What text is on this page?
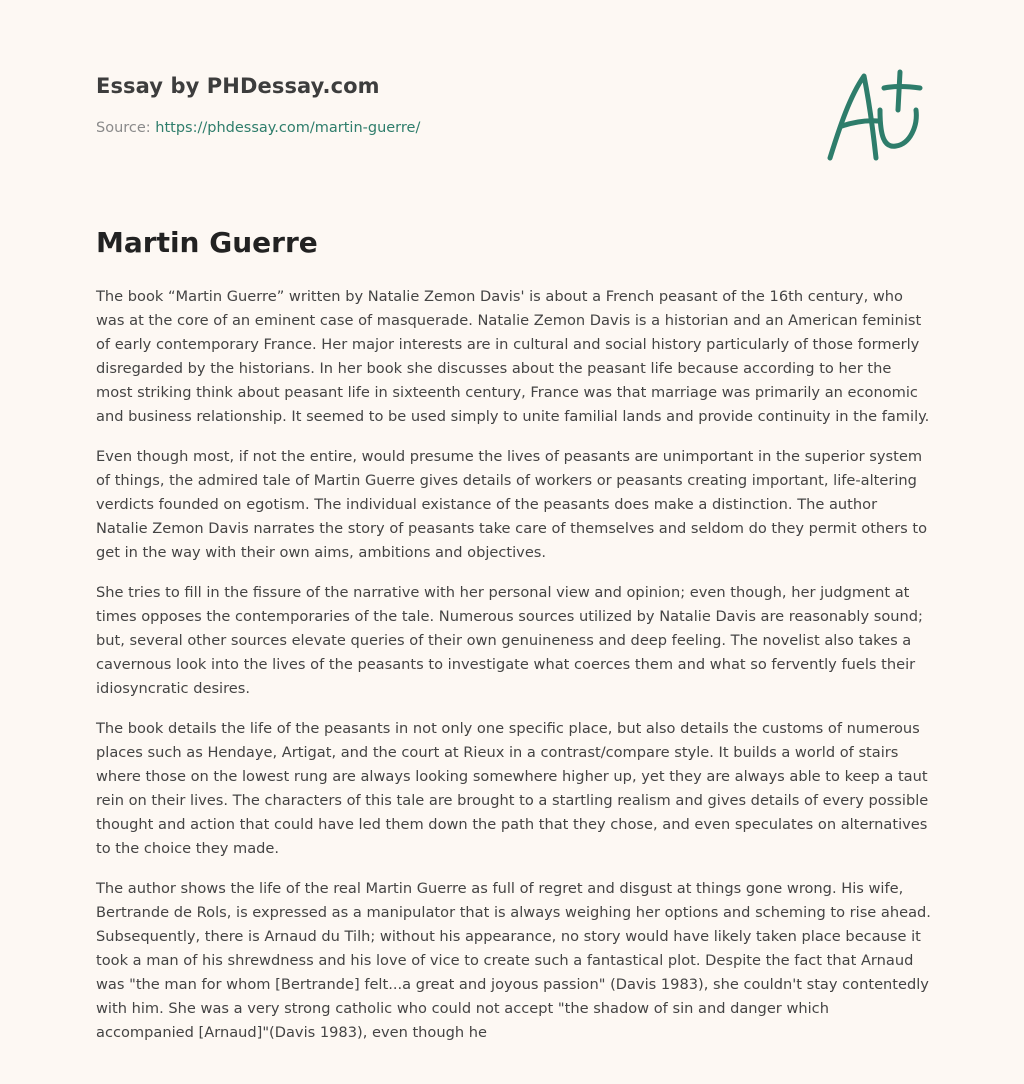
Essay by PHDessay.com
Source: https://phdessay.com/martin-guerre/
Martin Guerre

The book “Martin Guerre” written by Natalie Zemon Davis' is about a French peasant of the 16th century, who was at the core of an eminent case of masquerade. Natalie Zemon Davis is a historian and an American feminist of early contemporary France. Her major interests are in cultural and social history particularly of those formerly disregarded by the historians. In her book she discusses about the peasant life because according to her the most striking think about peasant life in sixteenth century, France was that marriage was primarily an economic and business relationship. It seemed to be used simply to unite familial lands and provide continuity in the family.

Even though most, if not the entire, would presume the lives of peasants are unimportant in the superior system of things, the admired tale of Martin Guerre gives details of workers or peasants creating important, life-altering verdicts founded on egotism. The individual existance of the peasants does make a distinction. The author Natalie Zemon Davis narrates the story of peasants take care of themselves and seldom do they permit others to get in the way with their own aims, ambitions and objectives.

She tries to fill in the fissure of the narrative with her personal view and opinion; even though, her judgment at times opposes the contemporaries of the tale. Numerous sources utilized by Natalie Davis are reasonably sound; but, several other sources elevate queries of their own genuineness and deep feeling. The novelist also takes a cavernous look into the lives of the peasants to investigate what coerces them and what so fervently fuels their idiosyncratic desires.

The book details the life of the peasants in not only one specific place, but also details the customs of numerous places such as Hendaye, Artigat, and the court at Rieux in a contrast/compare style. It builds a world of stairs where those on the lowest rung are always looking somewhere higher up, yet they are always able to keep a taut rein on their lives. The characters of this tale are brought to a startling realism and gives details of every possible thought and action that could have led them down the path that they chose, and even speculates on alternatives to the choice they made.

The author shows the life of the real Martin Guerre as full of regret and disgust at things gone wrong. His wife, Bertrande de Rols, is expressed as a manipulator that is always weighing her options and scheming to rise ahead. Subsequently, there is Arnaud du Tilh; without his appearance, no story would have likely taken place because it took a man of his shrewdness and his love of vice to create such a fantastical plot. Despite the fact that Arnaud was "the man for whom [Bertrande] felt...a great and joyous passion" (Davis 1983), she couldn't stay contentedly with him. She was a very strong catholic who could not accept "the shadow of sin and danger which accompanied [Arnaud]"(Davis 1983), even though he
